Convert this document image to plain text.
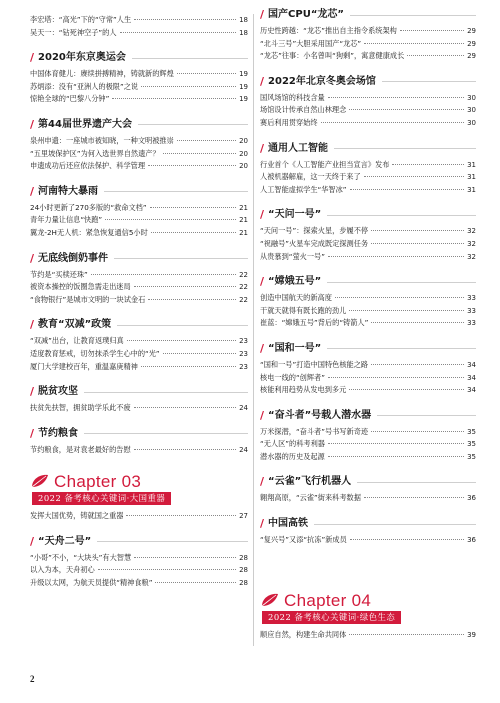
李宏塔：“高光”下的“守常”人生	18
吴天一：“钻死神空子”的人	18
/ 2020年东京奥运会
中国体育健儿：赓续拼搏精神，铸就新的辉煌	19
苏炳添：没有“亚洲人的极限”之说	19
惊艳全球的“巴黎八分钟”	19
/ 第44届世界遗产大会
泉州申遗：一座城市被知晓，一种文明被推崇	20
“五里坡保护区”为何入选世界自然遗产？	20
申遗成功后还应依法保护、科学管理	20
/ 河南特大暴雨
24小时更新了270多版的“救命文档”	21
青年力量让信息“快跑”	21
翼龙-2H无人机：紧急恢复通信5小时	21
/ 无底线倒奶事件
节约是“买椟还珠”	22
被资本操控的饭圈急需走出迷局	22
“食物银行”是城市文明的一块试金石	22
/ 教育“双减”政策
“双减”出台，让教育返璞归真	23
适度教育惩戒，切勿抹杀学生心中的“光”	23
厦门大学建校百年，重温嘉庚精神	23
/ 脱贫攻坚
扶贫先扶智，拥贫助学乐此不疲	24
/ 节约粮食
节约粮食，是对袁老最好的告慰	24
Chapter 03
2022 备考核心关键词·大国重器
发挥大国优势，铸就国之重器	27
/ “天舟二号”
“小哥”不小，“大块头”有大智慧	28
以入为本，天舟初心	28
升级以太网，为航天员提供“精神食粮”	28
/ 国产CPU“龙芯”
历史性跨越：“龙芯”推出自主指令系统架构	29
“北斗三号”大胆采用国产“龙芯”	29
“龙芯”往事：小名曾叫“狗剩”，寓意健康成长	29
/ 2022年北京冬奥会场馆
国风场馆的科技含量	30
场馆设计传承自然山林理念	30
赛后利用贯穿始终	30
/ 通用人工智能
行业首个《人工智能产业担当宣言》发布	31
人被机器解雇，这一天终于来了	31
人工智能虚拟学生“华智冰”	31
/ “天问一号”
“天问一号”：探索火星，步履不停	32
“祝融号”火星车完成既定探测任务	32
从贵慕到“萤火一号”	32
/ “嫦娥五号”
创造中国航天的新高度	33
干就天就得有既长跑的劲儿	33
崔蓝：“嫦娥五号”背后的“铸箭人”	33
/ “国和一号”
“国和一号”打造中国特色核能之路	34
核电一线的“创辉者”	34
核能利用趋势从发电到多元	34
/ “奋斗者”号载人潜水器
万米探潜，“奋斗者”号书写新奇迹	35
“无人区”的科考利器	35
潜水器的历史及起源	35
/ “云雀”飞行机器人
翱翔高原，“云雀”街来科考数据	36
/ 中国高铁
“复兴号”又添“抗冻”新成员	36
Chapter 04
2022 备考核心关键词·绿色生态
顺应自然，构建生命共同体	39
2
